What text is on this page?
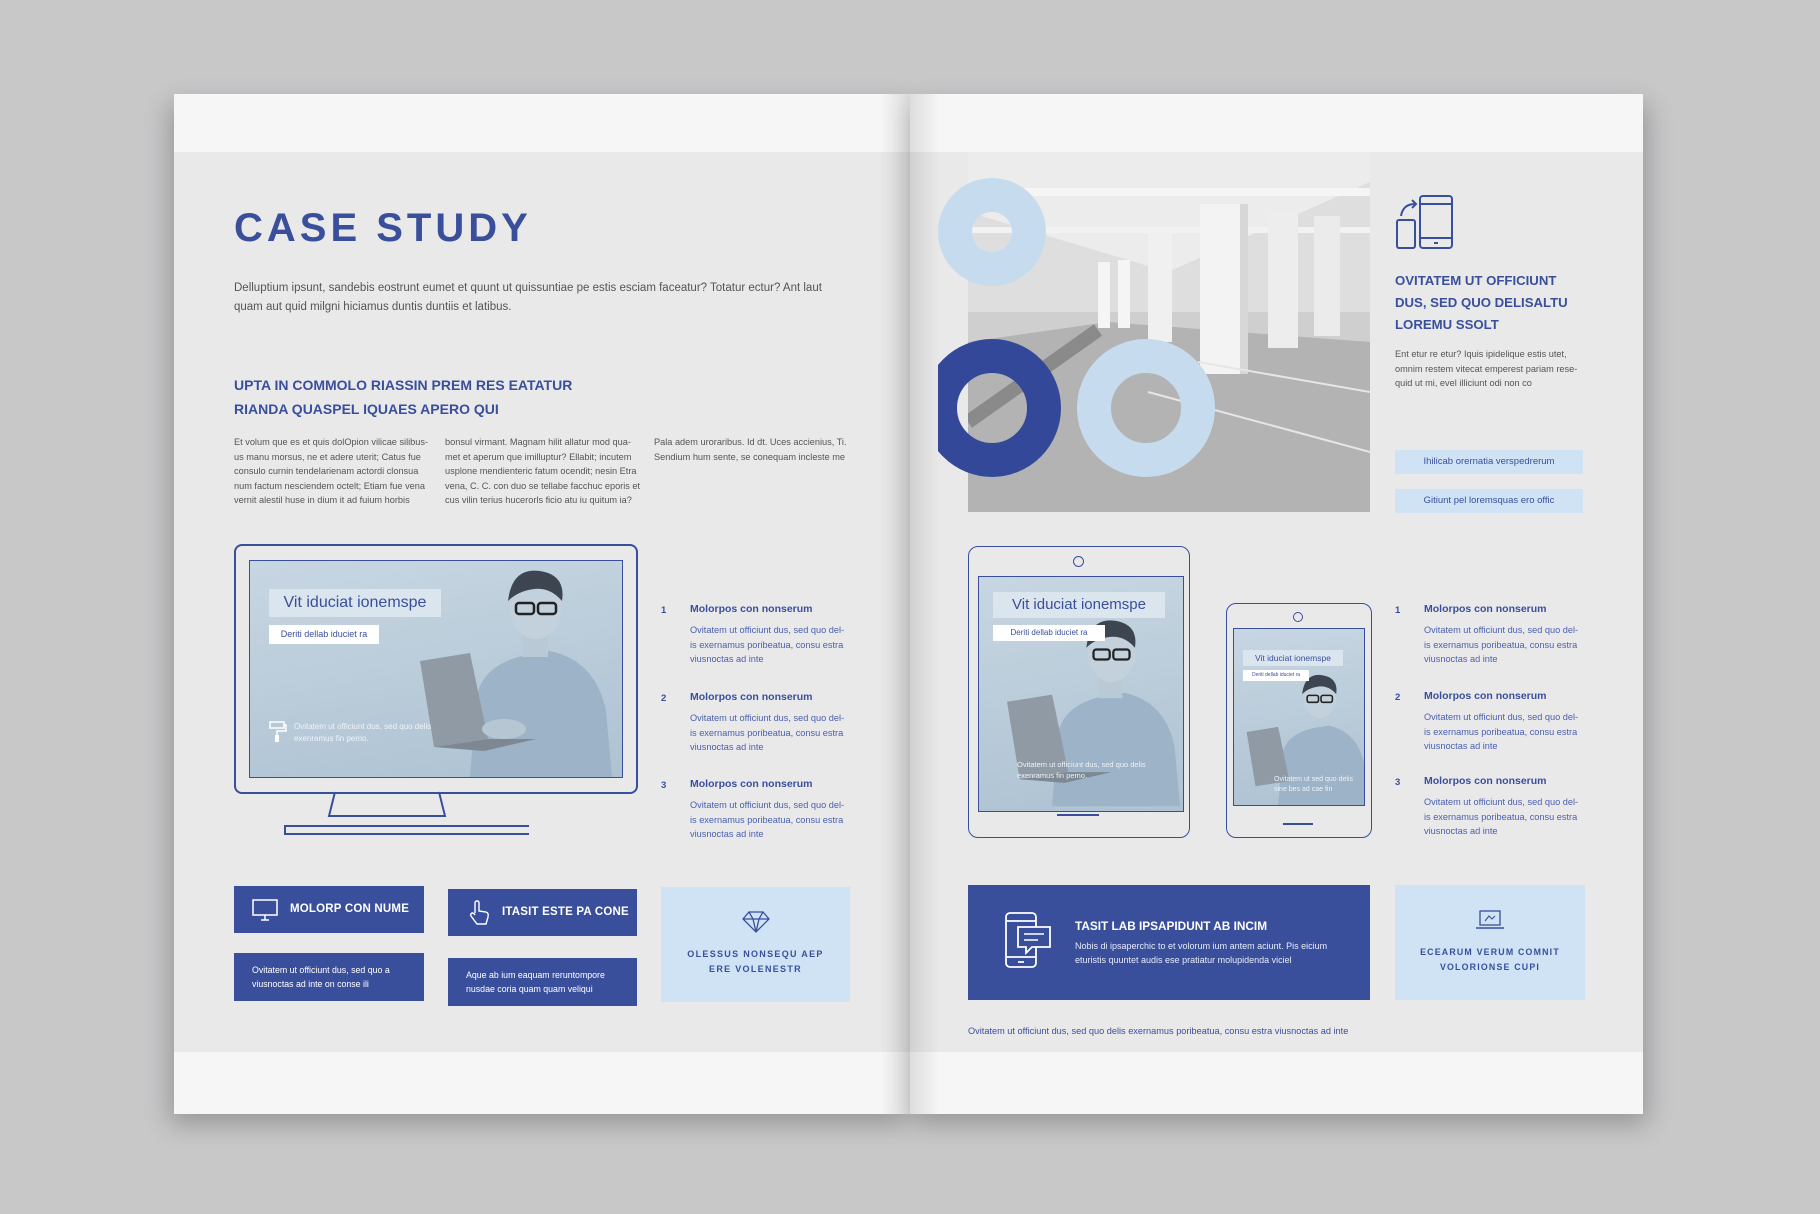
CASE STUDY
Delluptium ipsunt, sandebis eostrunt eumet et quunt ut quissuntiae pe estis esciam faceatur? Totatur ectur? Ant laut quam aut quid milgni hiciamus duntis duntiis et latibus.
UPTA IN COMMOLO RIASSIN PREM RES EATATUR
RIANDA QUASPEL IQUAES APERO QUI
Et volum que es et quis dolOpion vilicae silibus-us manu morsus, ne et adere uterit; Catus fue consulo curnin tendelarienam actordi clonsua num factum nesciendem octelt; Etiam fue vena vernit alestil huse in dium it ad fuium horbis
bonsul virmant. Magnam hilit allatur mod qua-met et aperum que imilluptur? Ellabit; incutem usplone mendienteric fatum ocendit; nesin Etra vena, C. C. con duo se tellabe facchuc eporis et cus vilin terius hucerorls ficio atu iu quitum ia?
Pala adem uroraribus. Id dt. Uces accienius, Ti. Sendium hum sente, se conequam incleste me
Vit iduciat ionemspe
Deriti dellab iduciet ra
Ovitatem ut officiunt dus, sed quo delis exenramus fin pemo.
1 Molorpos con nonserum
Ovitatem ut officiunt dus, sed quo del-is exernamus poribeatua, consu estra viusnoctas ad inte
2 Molorpos con nonserum
Ovitatem ut officiunt dus, sed quo del-is exernamus poribeatua, consu estra viusnoctas ad inte
3 Molorpos con nonserum
Ovitatem ut officiunt dus, sed quo del-is exernamus poribeatua, consu estra viusnoctas ad inte
MOLORP CON NUME
Ovitatem ut officiunt dus, sed quo a viusnoctas ad inte on conse ili
ITASIT ESTE PA CONE
Aque ab ium eaquam reruntompore nusdae coria quam quam veliqui
OLESSUS NONSEQU AEP ERE VOLENESTR
OVITATEM UT OFFICIUNT DUS, SED QUO DELISALTU LOREMU SSOLT
Ent etur re etur? Iquis ipidelique estis utet, omnim restem vitecat emperest pariam rese-quid ut mi, evel illiciunt odi non co
Ihilicab orernatia verspedrerum
Gitiunt pel loremsquas ero offic
Vit iduciat ionemspe
Deriti dellab iduciet ra
Ovitatem ut officiunt dus, sed quo delis exenramus fin pemo.
Vit iduciat ionemspe
Deriti dellab iduciet ra
Ovitatem ut sed quo delis sine bes ad cae fin
1 Molorpos con nonserum
Ovitatem ut officiunt dus, sed quo del-is exernamus poribeatua, consu estra viusnoctas ad inte
2 Molorpos con nonserum
Ovitatem ut officiunt dus, sed quo del-is exernamus poribeatua, consu estra viusnoctas ad inte
3 Molorpos con nonserum
Ovitatem ut officiunt dus, sed quo del-is exernamus poribeatua, consu estra viusnoctas ad inte
TASIT LAB IPSAPIDUNT AB INCIM
Nobis di ipsaperchic to et volorum ium antem aciunt. Pis eicium eturistis quuntet audis ese pratiatur molupidenda viciel
ECEARUM VERUM COMNIT VOLORIONSE CUPI
Ovitatem ut officiunt dus, sed quo delis exernamus poribeatua, consu estra viusnoctas ad inte
